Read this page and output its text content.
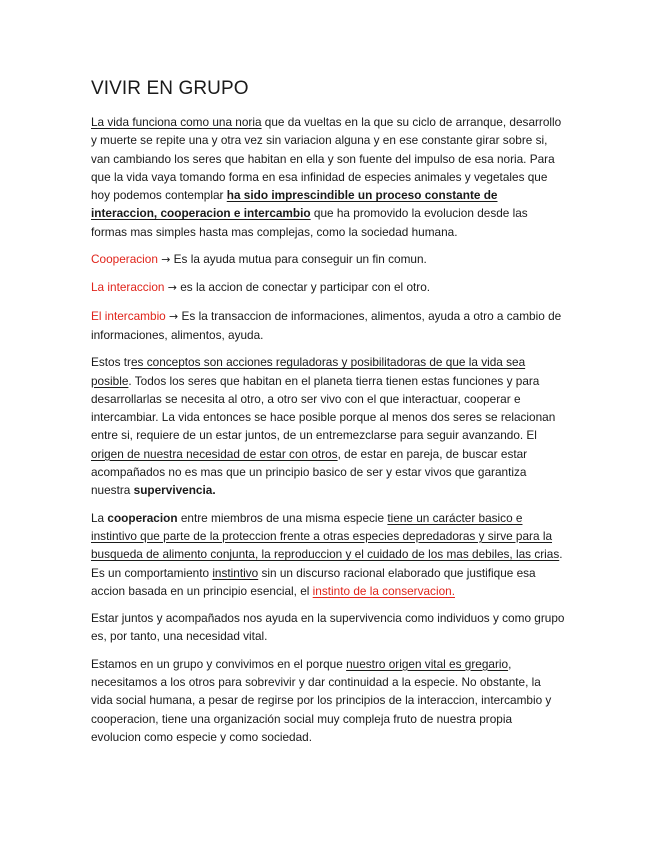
VIVIR EN GRUPO

La vida funciona como una noria que da vueltas en la que su ciclo de arranque, desarrollo y muerte se repite una y otra vez sin variacion alguna y en ese constante girar sobre si, van cambiando los seres que habitan en ella y son fuente del impulso de esa noria. Para que la vida vaya tomando forma en esa infinidad de especies animales y vegetales que hoy podemos contemplar ha sido imprescindible un proceso constante de interaccion, cooperacion e intercambio que ha promovido la evolucion desde las formas mas simples hasta mas complejas, como la sociedad humana.

Cooperacion → Es la ayuda mutua para conseguir un fin comun.

La interaccion → es la accion de conectar y participar con el otro.

El intercambio → Es la transaccion de informaciones, alimentos, ayuda a otro a cambio de informaciones, alimentos, ayuda.

Estos tres conceptos son acciones reguladoras y posibilitadoras de que la vida sea posible. Todos los seres que habitan en el planeta tierra tienen estas funciones y para desarrollarlas se necesita al otro, a otro ser vivo con el que interactuar, cooperar e intercambiar. La vida entonces se hace posible porque al menos dos seres se relacionan entre si, requiere de un estar juntos, de un entremezclarse para seguir avanzando. El origen de nuestra necesidad de estar con otros, de estar en pareja, de buscar estar acompañados no es mas que un principio basico de ser y estar vivos que garantiza nuestra supervivencia.

La cooperacion entre miembros de una misma especie tiene un carácter basico e instintivo que parte de la proteccion frente a otras especies depredadoras y sirve para la busqueda de alimento conjunta, la reproduccion y el cuidado de los mas debiles, las crias. Es un comportamiento instintivo sin un discurso racional elaborado que justifique esa accion basada en un principio esencial, el instinto de la conservacion.

Estar juntos y acompañados nos ayuda en la supervivencia como individuos y como grupo es, por tanto, una necesidad vital.

Estamos en un grupo y convivimos en el porque nuestro origen vital es gregario, necesitamos a los otros para sobrevivir y dar continuidad a la especie. No obstante, la vida social humana, a pesar de regirse por los principios de la interaccion, intercambio y cooperacion, tiene una organización social muy compleja fruto de nuestra propia evolucion como especie y como sociedad.
